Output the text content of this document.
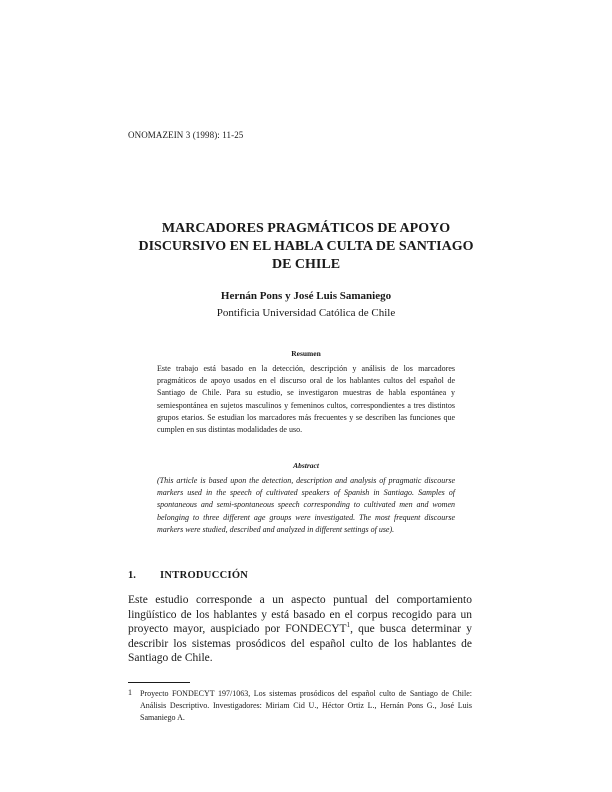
ONOMAZEIN 3 (1998): 11-25
MARCADORES PRAGMÁTICOS DE APOYO
DISCURSIVO EN EL HABLA CULTA DE SANTIAGO
DE CHILE
Hernán Pons y José Luis Samaniego
Pontificia Universidad Católica de Chile
Resumen
Este trabajo está basado en la detección, descripción y análisis de los marcadores pragmáticos de apoyo usados en el discurso oral de los hablantes cultos del español de Santiago de Chile. Para su estudio, se investigaron muestras de habla espontánea y semiespontánea en sujetos masculinos y femeninos cultos, correspondientes a tres distintos grupos etarios. Se estudian los marcadores más frecuentes y se describen las funciones que cumplen en sus distintas modalidades de uso.
Abstract
(This article is based upon the detection, description and analysis of pragmatic discourse markers used in the speech of cultivated speakers of Spanish in Santiago. Samples of spontaneous and semi-spontaneous speech corresponding to cultivated men and women belonging to three different age groups were investigated. The most frequent discourse markers were studied, described and analyzed in different settings of use).
1. INTRODUCCIÓN
Este estudio corresponde a un aspecto puntual del comportamiento lingüístico de los hablantes y está basado en el corpus recogido para un proyecto mayor, auspiciado por FONDECYT$^1$, que busca determinar y describir los sistemas prosódicos del español culto de los hablantes de Santiago de Chile.
1 Proyecto FONDECYT 197/1063, Los sistemas prosódicos del español culto de Santiago de Chile: Análisis Descriptivo. Investigadores: Miriam Cid U., Héctor Ortiz L., Hernán Pons G., José Luis Samaniego A.
